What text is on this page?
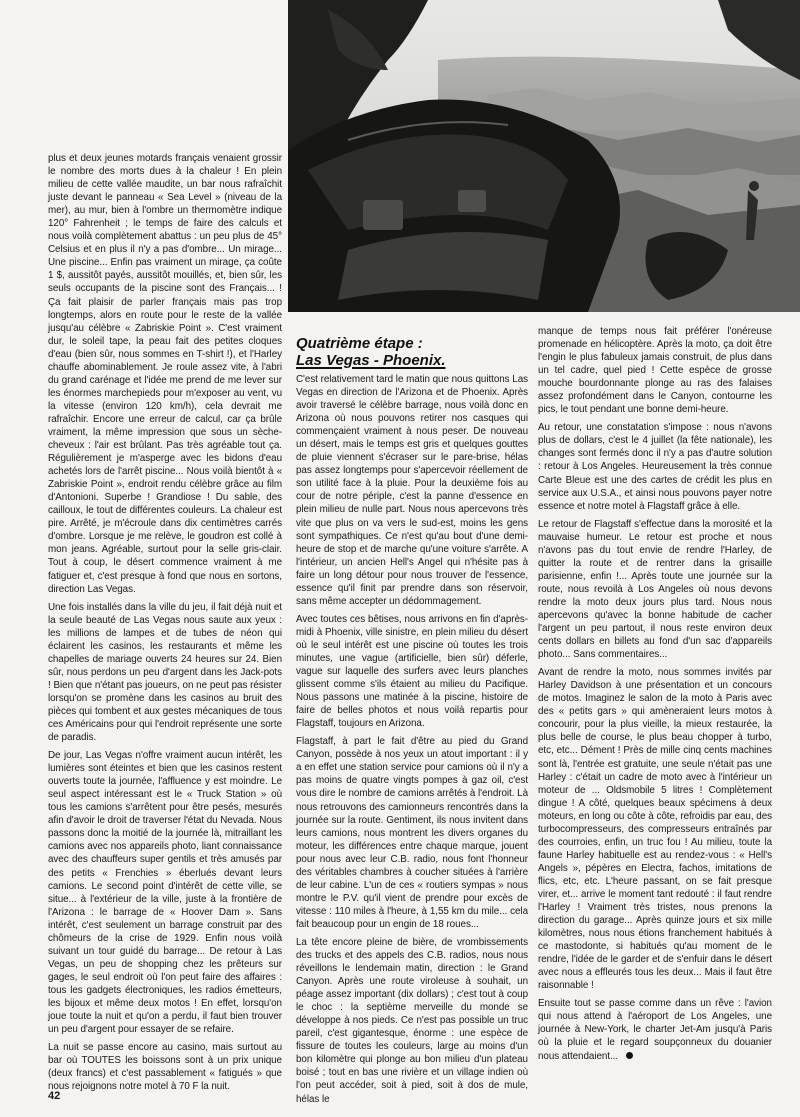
plus et deux jeunes motards français venaient grossir le nombre des morts dues à la chaleur ! En plein milieu de cette vallée maudite, un bar nous rafraîchit juste devant le panneau « Sea Level » (niveau de la mer), au mur, bien à l'ombre un thermomètre indique 120° Fahrenheit ; le temps de faire des calculs et nous voilà complètement abattus : un peu plus de 45° Celsius et en plus il n'y a pas d'ombre... Un mirage... Une piscine... Enfin pas vraiment un mirage, ça coûte 1 $, aussitôt payés, aussitôt mouillés, et, bien sûr, les seuls occupants de la piscine sont des Français... ! Ça fait plaisir de parler français mais pas trop longtemps, alors en route pour le reste de la vallée jusqu'au célèbre « Zabriskie Point ». C'est vraiment dur, le soleil tape, la peau fait des petites cloques d'eau (bien sûr, nous sommes en T-shirt !), et l'Harley chauffe abominablement. Je roule assez vite, à l'abri du grand carénage et l'idée me prend de me lever sur les énormes marchepieds pour m'exposer au vent, vu la vitesse (environ 120 km/h), cela devrait me rafraîchir. Encore une erreur de calcul, car ça brûle vraiment, la même impression que sous un sèche-cheveux : l'air est brûlant. Pas très agréable tout ça. Régulièrement je m'asperge avec les bidons d'eau achetés lors de l'arrêt piscine... Nous voilà bientôt à « Zabriskie Point », endroit rendu célèbre grâce au film d'Antonioni. Superbe ! Grandiose ! Du sable, des cailloux, le tout de différentes couleurs. La chaleur est pire. Arrêté, je m'écroule dans dix centimètres carrés d'ombre. Lorsque je me relève, le goudron est collé à mon jeans. Agréable, surtout pour la selle gris-clair. Tout à coup, le désert commence vraiment à me fatiguer et, c'est presque à fond que nous en sortons, direction Las Vegas.

Une fois installés dans la ville du jeu, il fait déjà nuit et la seule beauté de Las Vegas nous saute aux yeux : les millions de lampes et de tubes de néon qui éclairent les casinos, les restaurants et même les chapelles de mariage ouverts 24 heures sur 24. Bien sûr, nous perdons un peu d'argent dans les Jack-pots ! Bien que n'étant pas joueurs, on ne peut pas résister lorsqu'on se promène dans les casinos au bruit des pièces qui tombent et aux gestes mécaniques de tous ces Américains pour qui l'endroit représente une sorte de paradis.

De jour, Las Vegas n'offre vraiment aucun intérêt, les lumières sont éteintes et bien que les casinos restent ouverts toute la journée, l'affluence y est moindre. Le seul aspect intéressant est le « Truck Station » où tous les camions s'arrêtent pour être pesés, mesurés afin d'avoir le droit de traverser l'état du Nevada. Nous passons donc la moitié de la journée là, mitraillant les camions avec nos appareils photo, liant connaissance avec des chauffeurs super gentils et très amusés par des petits « Frenchies » éberlués devant leurs camions. Le second point d'intérêt de cette ville, se situe... à l'extérieur de la ville, juste à la frontière de l'Arizona : le barrage de « Hoover Dam ». Sans intérêt, c'est seulement un barrage construit par des chômeurs de la crise de 1929. Enfin nous voilà suivant un tour guidé du barrage... De retour à Las Vegas, un peu de shopping chez les prêteurs sur gages, le seul endroit où l'on peut faire des affaires : tous les gadgets électroniques, les radios émetteurs, les bijoux et même deux motos ! En effet, lorsqu'on joue toute la nuit et qu'on a perdu, il faut bien trouver un peu d'argent pour essayer de se refaire.

La nuit se passe encore au casino, mais surtout au bar où TOUTES les boissons sont à un prix unique (deux francs) et c'est passablement « fatigués » que nous rejoignons notre motel à 70 F la nuit.

Quatrième étape :
Las Vegas - Phoenix.

C'est relativement tard le matin que nous quittons Las Vegas en direction de l'Arizona et de Phoenix. Après avoir traversé le célèbre barrage, nous voilà donc en Arizona où nous pouvons retirer nos casques qui commençaient vraiment à nous peser. De nouveau un désert, mais le temps est gris et quelques gouttes de pluie viennent s'écraser sur le pare-brise, hélas pas assez longtemps pour s'apercevoir réellement de son utilité face à la pluie. Pour la deuxième fois au cour de notre périple, c'est la panne d'essence en plein milieu de nulle part. Nous nous apercevons très vite que plus on va vers le sud-est, moins les gens sont sympathiques. Ce n'est qu'au bout d'une demi-heure de stop et de marche qu'une voiture s'arrête. A l'intérieur, un ancien Hell's Angel qui n'hésite pas à faire un long détour pour nous trouver de l'essence, essence qu'il finit par prendre dans son réservoir, sans même accepter un dédommagement.

Avec toutes ces bêtises, nous arrivons en fin d'après-midi à Phoenix, ville sinistre, en plein milieu du désert où le seul intérêt est une piscine où toutes les trois minutes, une vague (artificielle, bien sûr) déferle, vague sur laquelle des surfers avec leurs planches glissent comme s'ils étaient au milieu du Pacifique. Nous passons une matinée à la piscine, histoire de faire de belles photos et nous voilà repartis pour Flagstaff, toujours en Arizona.

Flagstaff, à part le fait d'être au pied du Grand Canyon, possède à nos yeux un atout important : il y a en effet une station service pour camions où il n'y a pas moins de quatre vingts pompes à gaz oil, c'est vous dire le nombre de camions arrêtés à l'endroit. Là nous retrouvons des camionneurs rencontrés dans la journée sur la route. Gentiment, ils nous invitent dans leurs camions, nous montrent les divers organes du moteur, les différences entre chaque marque, jouent pour nous avec leur C.B. radio, nous font l'honneur des véritables chambres à coucher situées à l'arrière de leur cabine. L'un de ces « routiers sympas » nous montre le P.V. qu'il vient de prendre pour excès de vitesse : 110 miles à l'heure, à 1,55 km du mile... cela fait beaucoup pour un engin de 18 roues...

La tête encore pleine de bière, de vrombissements des trucks et des appels des C.B. radios, nous nous réveillons le lendemain matin, direction : le Grand Canyon. Après une route viroleuse à souhait, un péage assez important (dix dollars) ; c'est tout à coup le choc : la septième merveille du monde se développe à nos pieds. Ce n'est pas possible un truc pareil, c'est gigantesque, énorme : une espèce de fissure de toutes les couleurs, large au moins d'un bon kilomètre qui plonge au bon milieu d'un plateau boisé ; tout en bas une rivière et un village indien où l'on peut accéder, soit à pied, soit à dos de mule, hélas le

manque de temps nous fait préférer l'onéreuse promenade en hélicoptère. Après la moto, ça doit être l'engin le plus fabuleux jamais construit, de plus dans un tel cadre, quel pied ! Cette espèce de grosse mouche bourdonnante plonge au ras des falaises assez profondément dans le Canyon, contourne les pics, le tout pendant une bonne demi-heure.

Au retour, une constatation s'impose : nous n'avons plus de dollars, c'est le 4 juillet (la fête nationale), les changes sont fermés donc il n'y a pas d'autre solution : retour à Los Angeles. Heureusement la très connue Carte Bleue est une des cartes de crédit les plus en service aux U.S.A., et ainsi nous pouvons payer notre essence et notre motel à Flagstaff grâce à elle.

Le retour de Flagstaff s'effectue dans la morosité et la mauvaise humeur. Le retour est proche et nous n'avons pas du tout envie de rendre l'Harley, de quitter la route et de rentrer dans la grisaille parisienne, enfin !... Après toute une journée sur la route, nous revoilà à Los Angeles où nous devons rendre la moto deux jours plus tard. Nous nous apercevons qu'avec la bonne habitude de cacher l'argent un peu partout, il nous reste environ deux cents dollars en billets au fond d'un sac d'appareils photo... Sans commentaires...

Avant de rendre la moto, nous sommes invités par Harley Davidson à une présentation et un concours de motos. Imaginez le salon de la moto à Paris avec des « petits gars » qui amèneraient leurs motos à concourir, pour la plus vieille, la mieux restaurée, la plus belle de course, le plus beau chopper à turbo, etc, etc... Dément ! Près de mille cinq cents machines sont là, l'entrée est gratuite, une seule n'était pas une Harley : c'était un cadre de moto avec à l'intérieur un moteur de ... Oldsmobile 5 litres ! Complètement dingue ! A côté, quelques beaux spécimens à deux moteurs, en long ou côte à côte, refroidis par eau, des turbocompresseurs, des compresseurs entraînés par des courroies, enfin, un truc fou ! Au milieu, toute la faune Harley habituelle est au rendez-vous : « Hell's Angels », pépères en Electra, fachos, imitations de flics, etc, etc. L'heure passant, on se fait presque virer, et... arrive le moment tant redouté : il faut rendre l'Harley ! Vraiment très tristes, nous prenons la direction du garage... Après quinze jours et six mille kilomètres, nous nous étions franchement habitués à ce mastodonte, si habitués qu'au moment de le rendre, l'idée de le garder et de s'enfuir dans le désert avec nous a effleurés tous les deux... Mais il faut être raisonnable !

Ensuite tout se passe comme dans un rêve : l'avion qui nous attend à l'aéroport de Los Angeles, une journée à New-York, le charter Jet-Am jusqu'à Paris où la pluie et le regard soupçonneux du douanier nous attendaient...

42
